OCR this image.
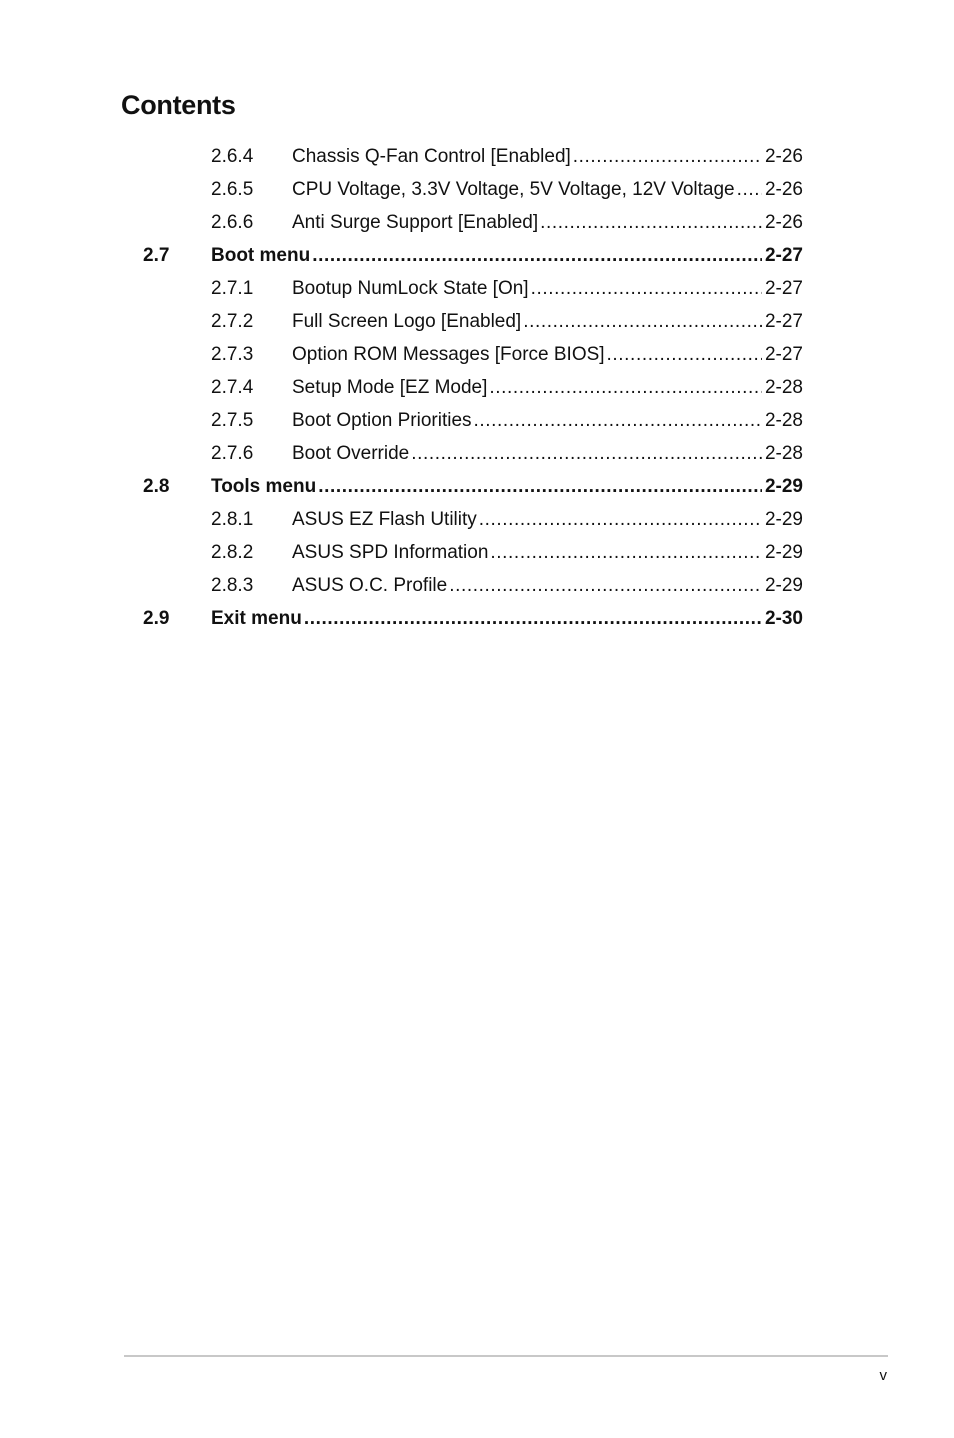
Contents
2.6.4 Chassis Q-Fan Control [Enabled] .....	2-26
2.6.5 CPU Voltage, 3.3V Voltage, 5V Voltage, 12V Voltage ..... 2-26
2.6.6 Anti Surge Support [Enabled] .....	2-26
2.7 Boot menu .....	2-27
2.7.1 Bootup NumLock State [On] .....	2-27
2.7.2 Full Screen Logo [Enabled] .....	2-27
2.7.3 Option ROM Messages [Force BIOS] .....	2-27
2.7.4 Setup Mode [EZ Mode] .....	2-28
2.7.5 Boot Option Priorities .....	2-28
2.7.6 Boot Override .....	2-28
2.8 Tools menu .....	2-29
2.8.1 ASUS EZ Flash Utility .....	2-29
2.8.2 ASUS SPD Information .....	2-29
2.8.3 ASUS O.C. Profile .....	2-29
2.9 Exit menu .....	2-30
v
